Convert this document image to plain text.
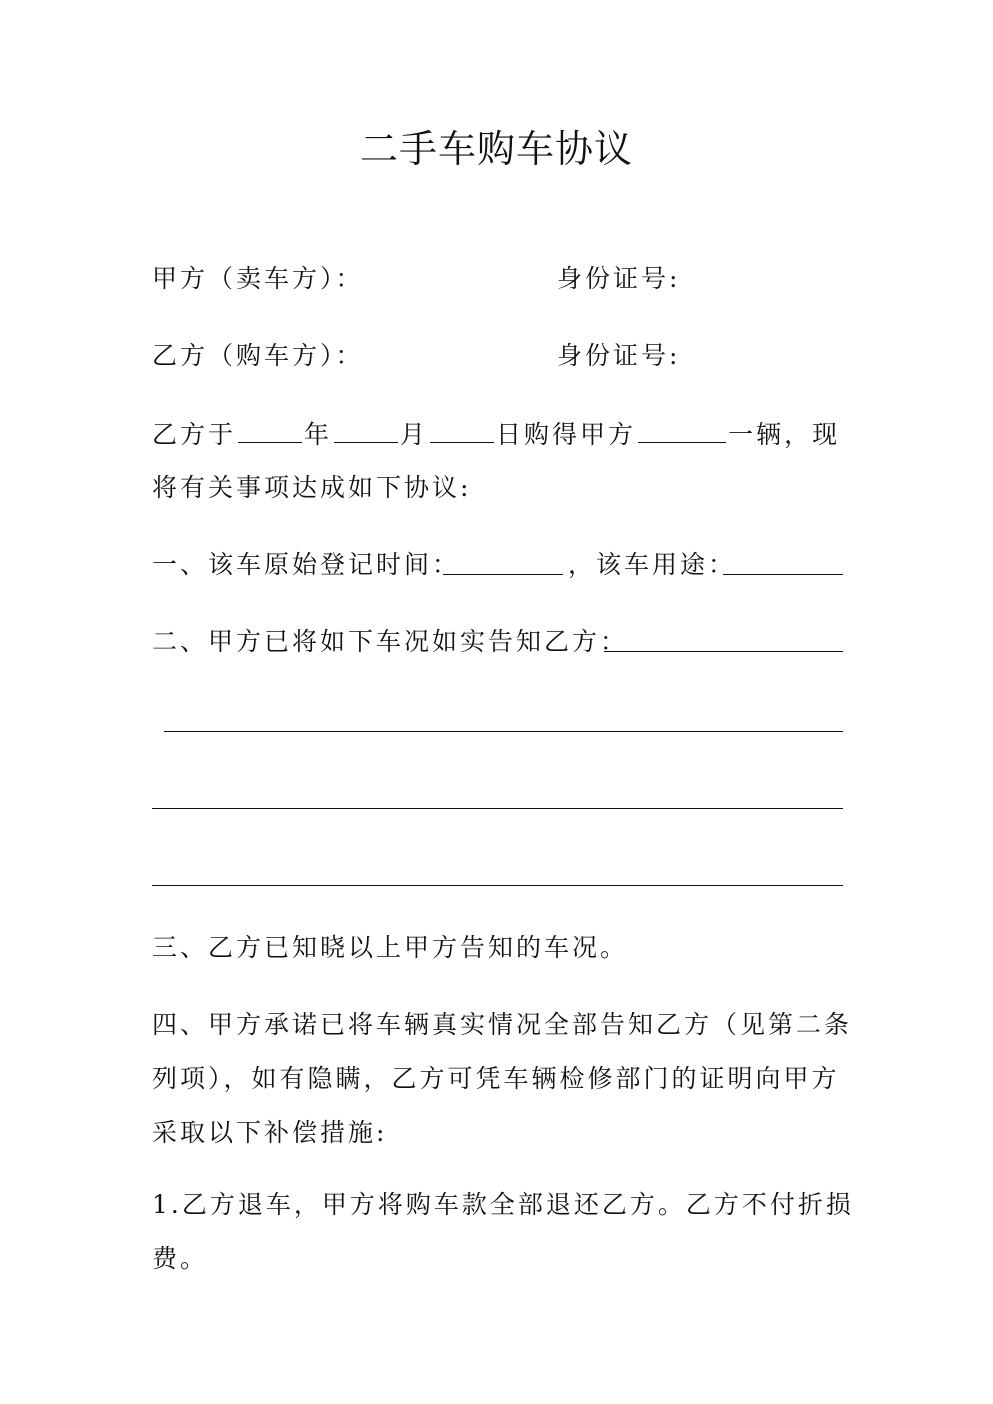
二手车购车协议
甲方（卖车方）：	身份证号:
乙方（购车方）：	身份证号:
乙方于	年	月	日购得甲方	一辆，现
将有关事项达成如下协议:
一、该车原始登记时间：	，该车用途：
二、甲方已将如下车况如实告知乙方：
三、乙方已知晓以上甲方告知的车况。
四、甲方承诺已将车辆真实情况全部告知乙方（见第二条
列项），如有隐瞒，乙方可凭车辆检修部门的证明向甲方
采取以下补偿措施:
1.乙方退车，甲方将购车款全部退还乙方。乙方不付折损
费。
